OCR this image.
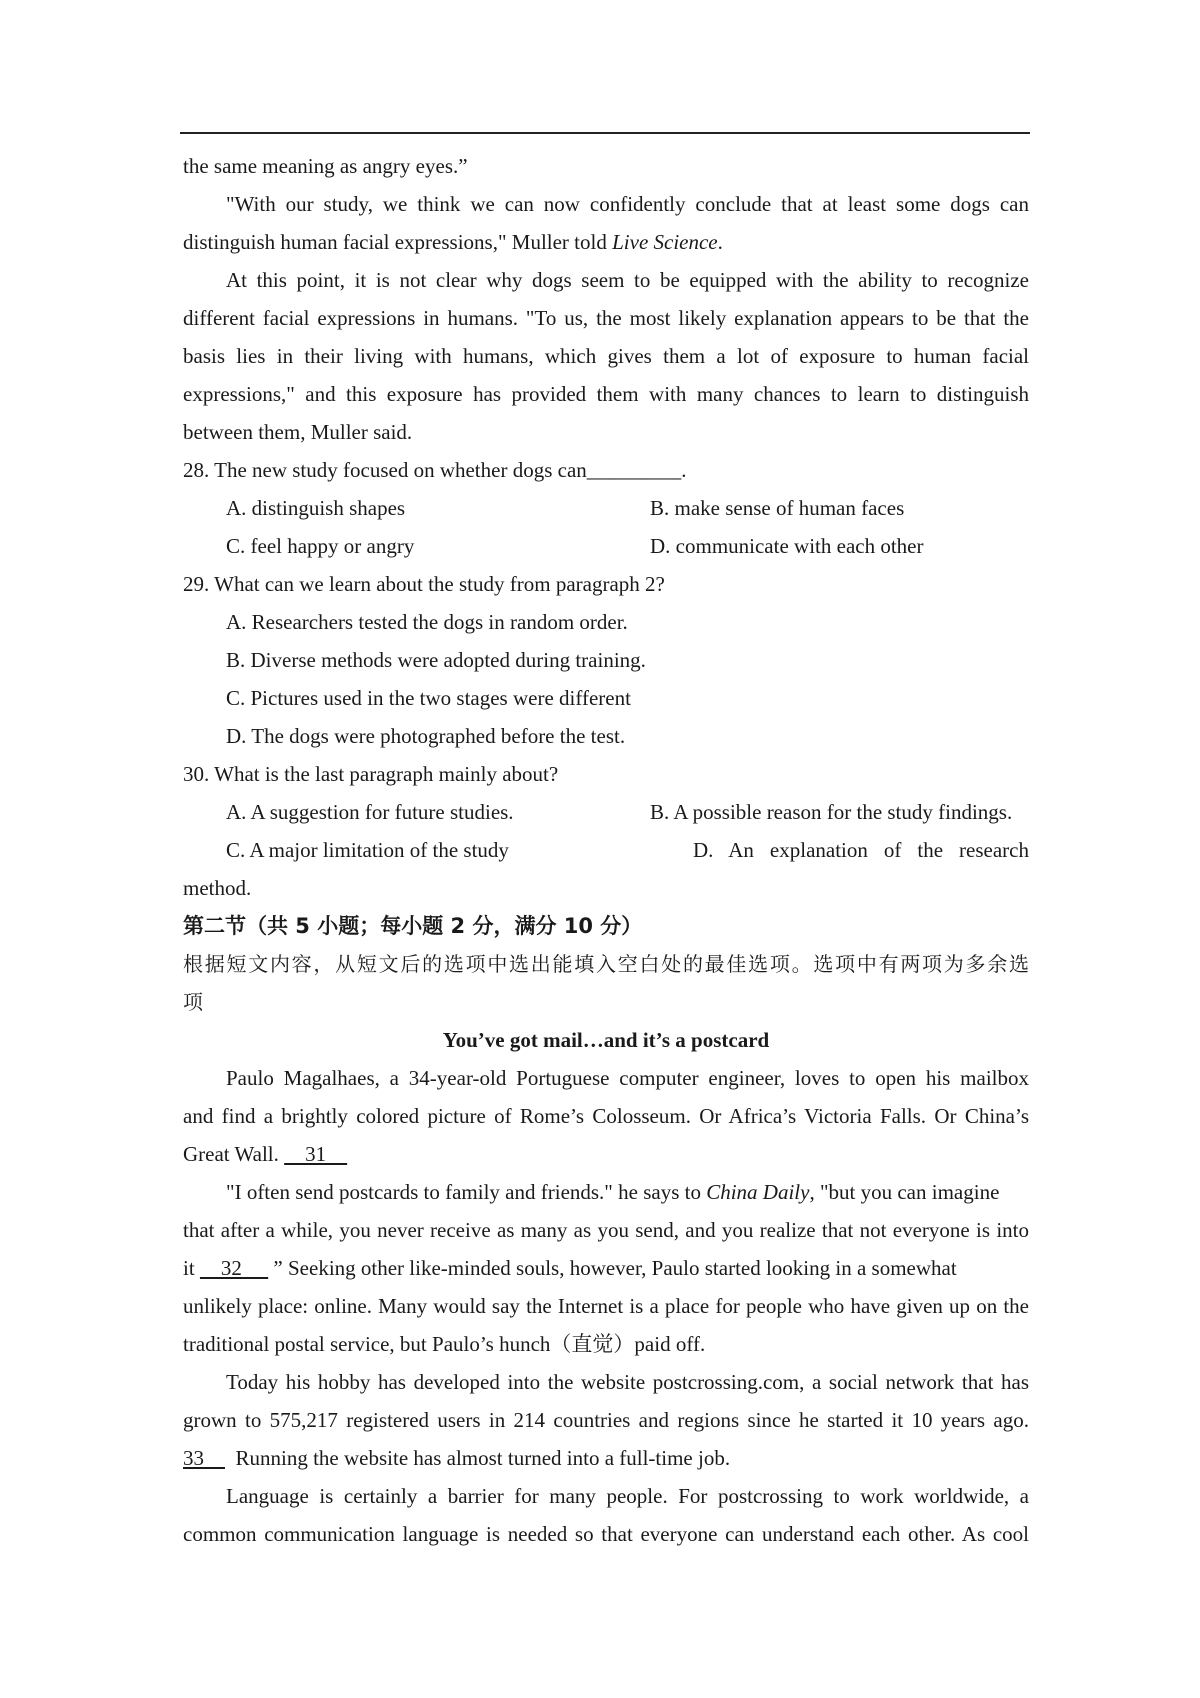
the same meaning as angry eyes.”
"With our study, we think we can now confidently conclude that at least some dogs can
distinguish human facial expressions," Muller told Live Science.
At this point, it is not clear why dogs seem to be equipped with the ability to recognize
different facial expressions in humans. "To us, the most likely explanation appears to be that the
basis lies in their living with humans, which gives them a lot of exposure to human facial
expressions," and this exposure has provided them with many chances to learn to distinguish
between them, Muller said.
28. The new study focused on whether dogs can_________.
A. distinguish shapes	B. make sense of human faces
C. feel happy or angry	D. communicate with each other
29. What can we learn about the study from paragraph 2?
A. Researchers tested the dogs in random order.
B. Diverse methods were adopted during training.
C. Pictures used in the two stages were different
D. The dogs were photographed before the test.
30. What is the last paragraph mainly about?
A. A suggestion for future studies.	B. A possible reason for the study findings.
C. A major limitation of the study	D. An explanation of the research
method.
第二节（共 5 小题；每小题 2 分，满分 10 分）
根据短文内容，从短文后的选项中选出能填入空白处的最佳选项。选项中有两项为多余选
项
You’ve got mail…and it’s a postcard
Paulo Magalhaes, a 34-year-old Portuguese computer engineer, loves to open his mailbox
and find a brightly colored picture of Rome’s Colosseum. Or Africa’s Victoria Falls. Or China’s
Great Wall.     31
"I often send postcards to family and friends." he says to China Daily, "but you can imagine
that after a while, you never receive as many as you send, and you realize that not everyone is into
it     32      ” Seeking other like-minded souls, however, Paulo started looking in a somewhat
unlikely place: online. Many would say the Internet is a place for people who have given up on the
traditional postal service, but Paulo’s hunch（直觉）paid off.
Today his hobby has developed into the website postcrossing.com, a social network that has
grown to 575,217 registered users in 214 countries and regions since he started it 10 years ago.
33      Running the website has almost turned into a full-time job.
Language is certainly a barrier for many people. For postcrossing to work worldwide, a
common communication language is needed so that everyone can understand each other. As cool
